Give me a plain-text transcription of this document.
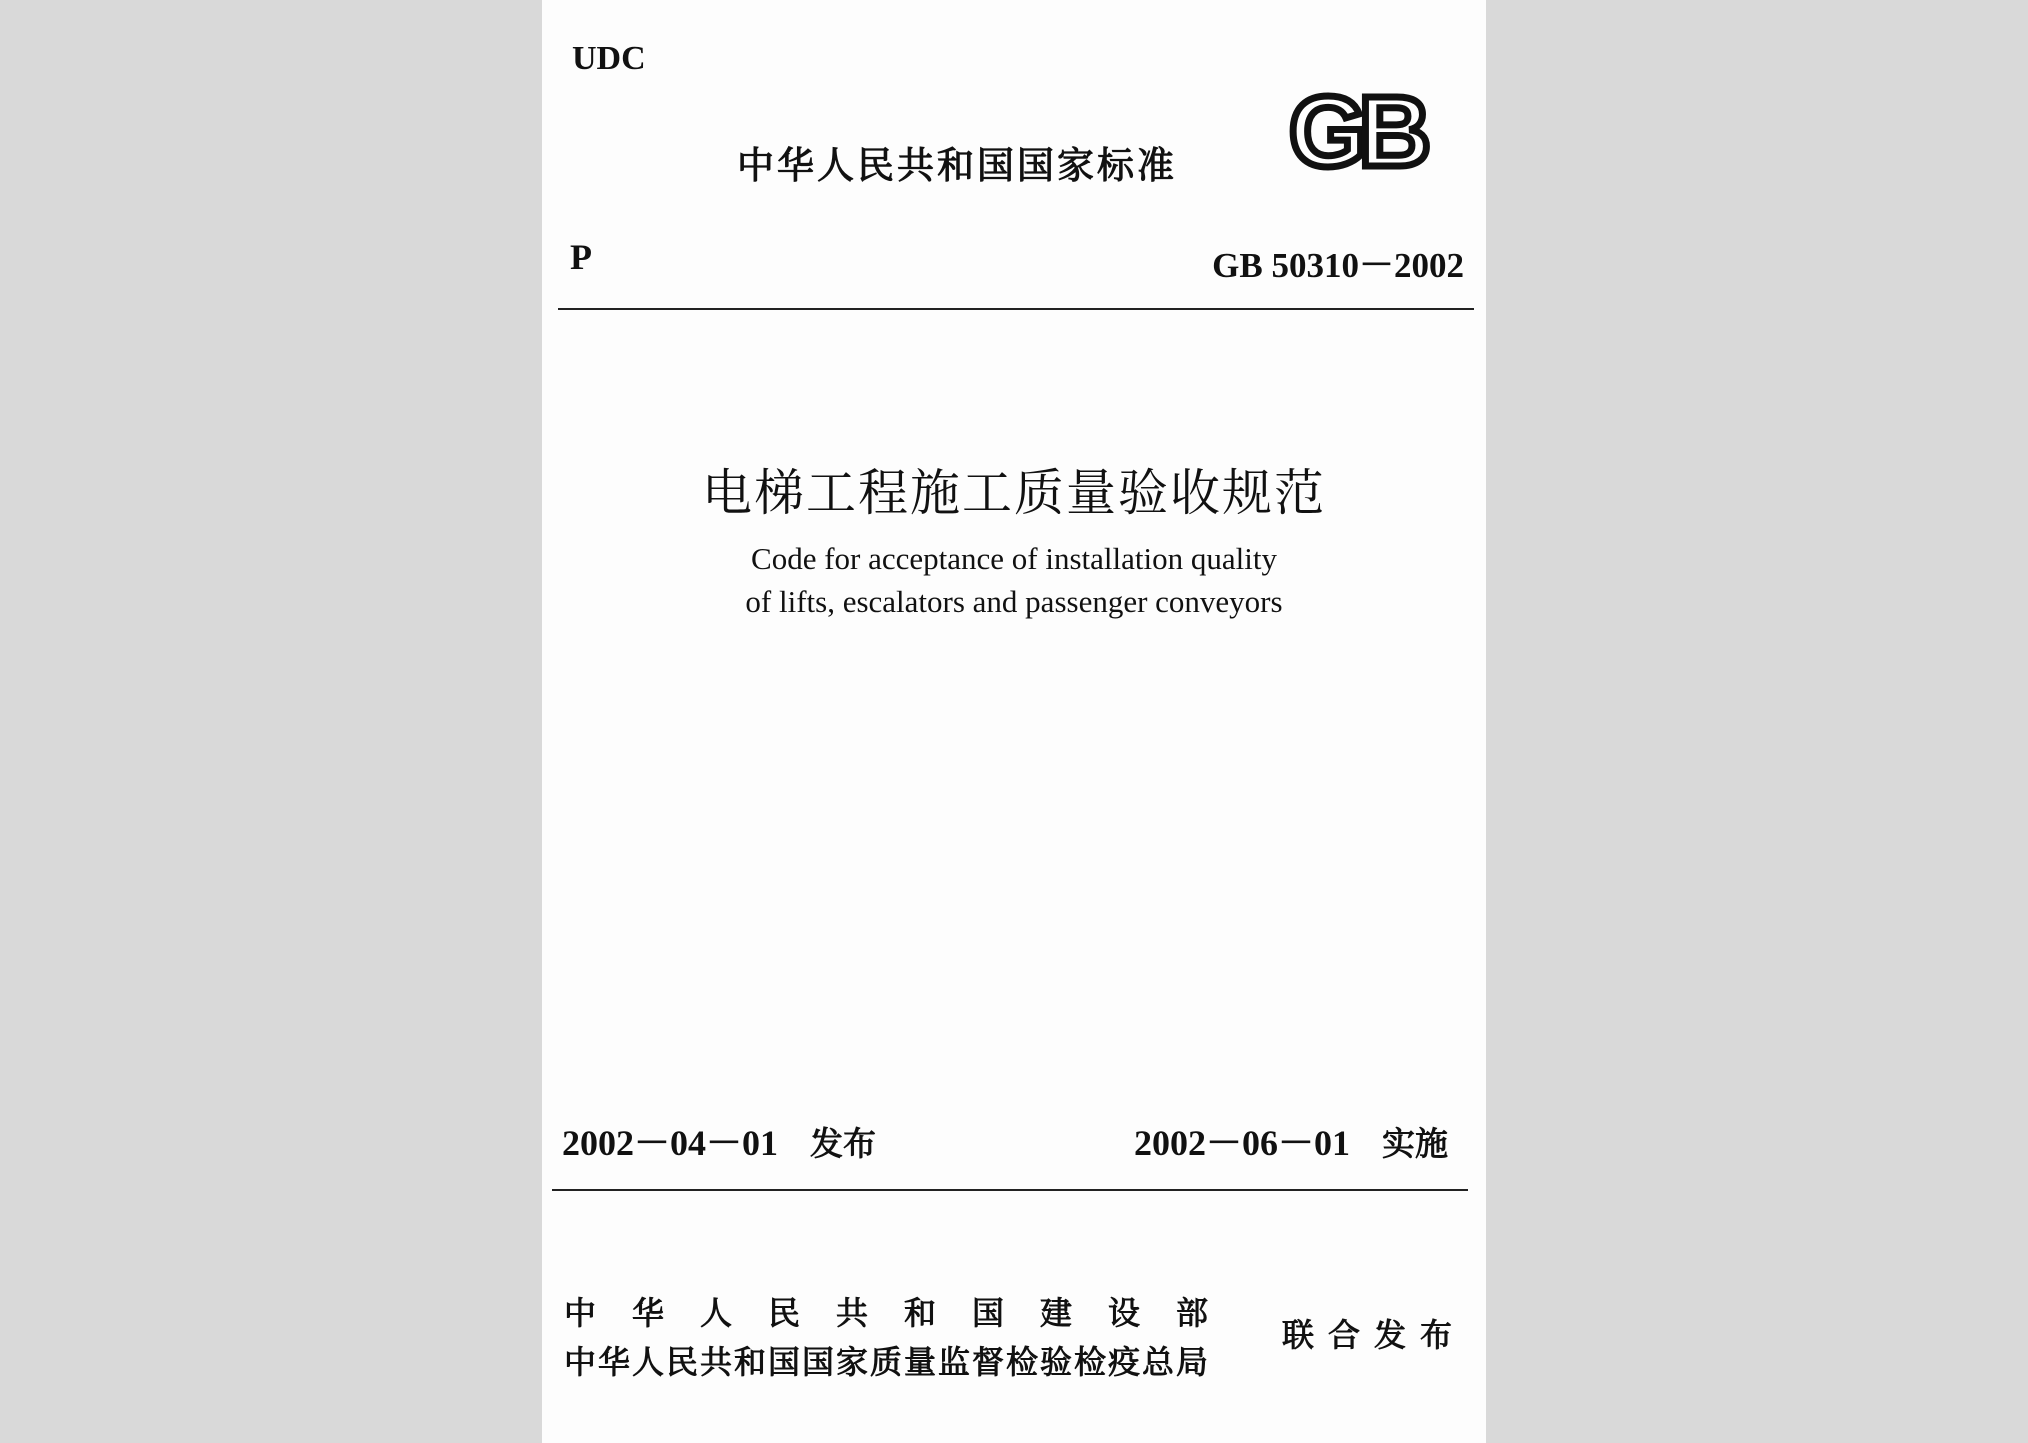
UDC
中华人民共和国国家标准 GB
P	GB 50310－2002
电梯工程施工质量验收规范
Code for acceptance of installation quality
of lifts, escalators and passenger conveyors
2002－04－01 发布	2002－06－01 实施
中华人民共和国建设部
中华人民共和国国家质量监督检验检疫总局
联合发布
